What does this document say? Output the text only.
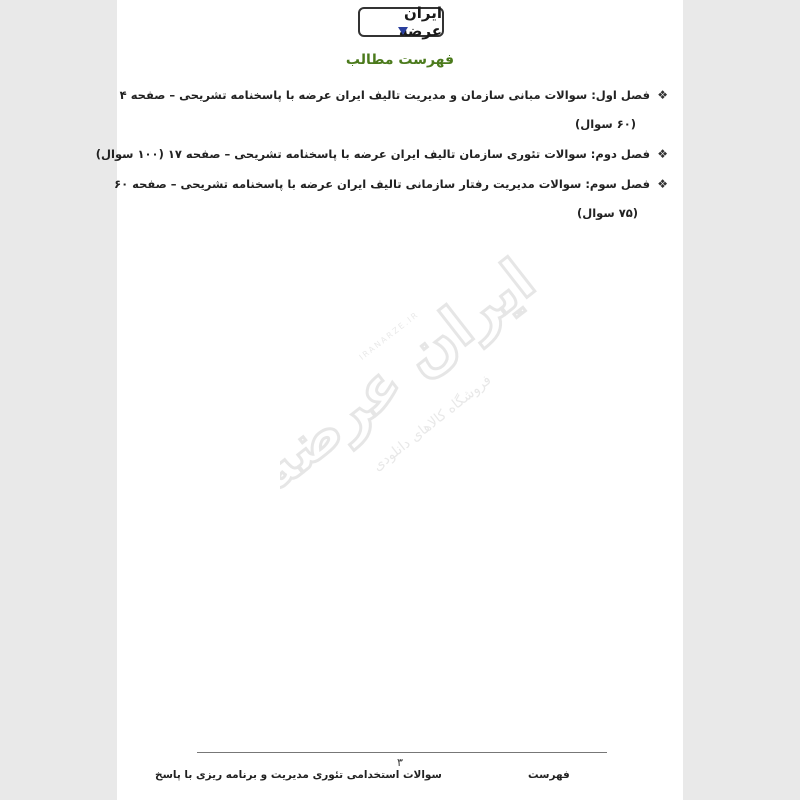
ایران عرضه
فهرست مطالب
❖
فصل اول: سوالات مبانی سازمان و مدیریت تالیف ایران عرضه با پاسخنامه تشریحی – صفحه ۴
(۶۰ سوال)
❖
فصل دوم: سوالات تئوری سازمان تالیف ایران عرضه با پاسخنامه تشریحی – صفحه ۱۷ (۱۰۰ سوال)
❖
فصل سوم: سوالات مدیریت رفتار سازمانی تالیف ایران عرضه با پاسخنامه تشریحی – صفحه ۶۰
(۷۵ سوال)
ایران عرضه
فروشگاه کالاهای دانلودی
IRANARZE.IR
۳
سوالات استخدامی تئوری مدیریت و برنامه ریزی با پاسخ	فهرست
